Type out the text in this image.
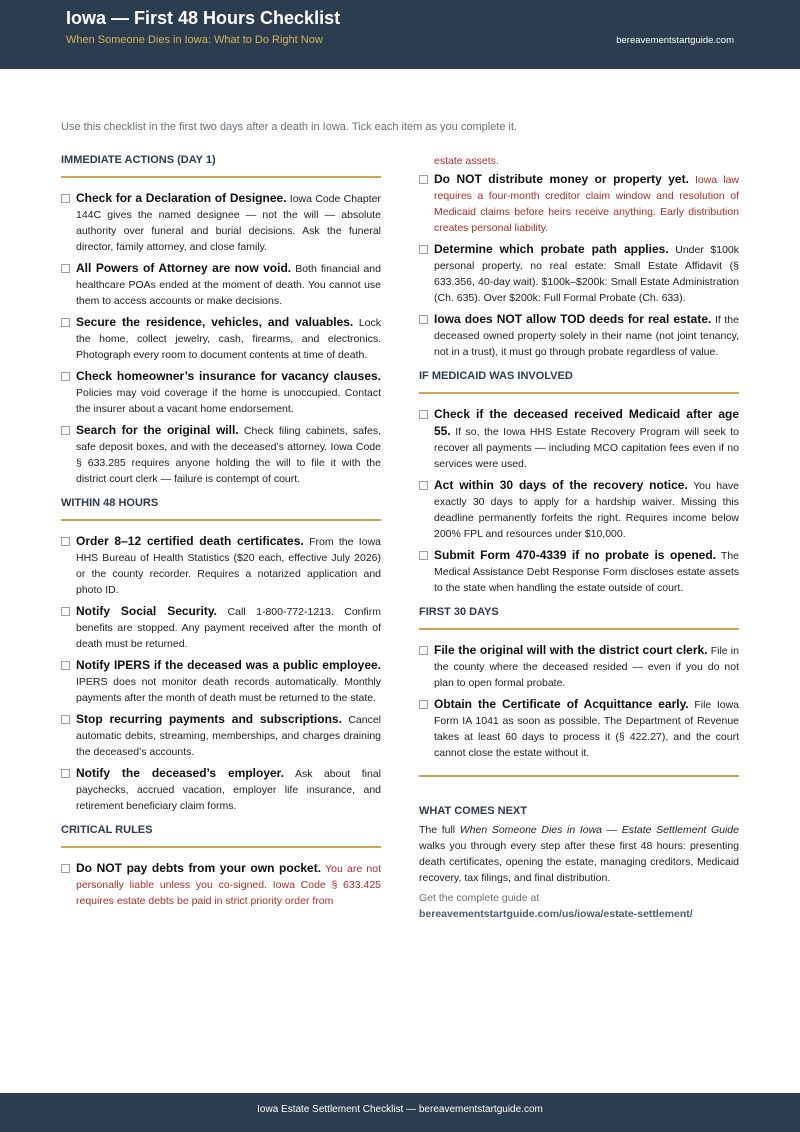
Iowa — First 48 Hours Checklist
When Someone Dies in Iowa: What to Do Right Now	bereavementstartguide.com
Use this checklist in the first two days after a death in Iowa. Tick each item as you complete it.
IMMEDIATE ACTIONS (DAY 1)
Check for a Declaration of Designee. Iowa Code Chapter 144C gives the named designee — not the will — absolute authority over funeral and burial decisions. Ask the funeral director, family attorney, and close family.
All Powers of Attorney are now void. Both financial and healthcare POAs ended at the moment of death. You cannot use them to access accounts or make decisions.
Secure the residence, vehicles, and valuables. Lock the home, collect jewelry, cash, firearms, and electronics. Photograph every room to document contents at time of death.
Check homeowner’s insurance for vacancy clauses. Policies may void coverage if the home is unoccupied. Contact the insurer about a vacant home endorsement.
Search for the original will. Check filing cabinets, safes, safe deposit boxes, and with the deceased’s attorney. Iowa Code § 633.285 requires anyone holding the will to file it with the district court clerk — failure is contempt of court.
WITHIN 48 HOURS
Order 8–12 certified death certificates. From the Iowa HHS Bureau of Health Statistics ($20 each, effective July 2026) or the county recorder. Requires a notarized application and photo ID.
Notify Social Security. Call 1-800-772-1213. Confirm benefits are stopped. Any payment received after the month of death must be returned.
Notify IPERS if the deceased was a public employee. IPERS does not monitor death records automatically. Monthly payments after the month of death must be returned to the state.
Stop recurring payments and subscriptions. Cancel automatic debits, streaming, memberships, and charges draining the deceased’s accounts.
Notify the deceased’s employer. Ask about final paychecks, accrued vacation, employer life insurance, and retirement beneficiary claim forms.
CRITICAL RULES
Do NOT pay debts from your own pocket. You are not personally liable unless you co-signed. Iowa Code § 633.425 requires estate debts be paid in strict priority order from
estate assets.
Do NOT distribute money or property yet. Iowa law requires a four-month creditor claim window and resolution of Medicaid claims before heirs receive anything. Early distribution creates personal liability.
Determine which probate path applies. Under $100k personal property, no real estate: Small Estate Affidavit (§ 633.356, 40-day wait). $100k–$200k: Small Estate Administration (Ch. 635). Over $200k: Full Formal Probate (Ch. 633).
Iowa does NOT allow TOD deeds for real estate. If the deceased owned property solely in their name (not joint tenancy, not in a trust), it must go through probate regardless of value.
IF MEDICAID WAS INVOLVED
Check if the deceased received Medicaid after age 55. If so, the Iowa HHS Estate Recovery Program will seek to recover all payments — including MCO capitation fees even if no services were used.
Act within 30 days of the recovery notice. You have exactly 30 days to apply for a hardship waiver. Missing this deadline permanently forfeits the right. Requires income below 200% FPL and resources under $10,000.
Submit Form 470-4339 if no probate is opened. The Medical Assistance Debt Response Form discloses estate assets to the state when handling the estate outside of court.
FIRST 30 DAYS
File the original will with the district court clerk. File in the county where the deceased resided — even if you do not plan to open formal probate.
Obtain the Certificate of Acquittance early. File Iowa Form IA 1041 as soon as possible. The Department of Revenue takes at least 60 days to process it (§ 422.27), and the court cannot close the estate without it.
WHAT COMES NEXT
The full When Someone Dies in Iowa — Estate Settlement Guide walks you through every step after these first 48 hours: presenting death certificates, opening the estate, managing creditors, Medicaid recovery, tax filings, and final distribution.
Get the complete guide at
bereavementstartguide.com/us/iowa/estate-settlement/
Iowa Estate Settlement Checklist — bereavementstartguide.com
